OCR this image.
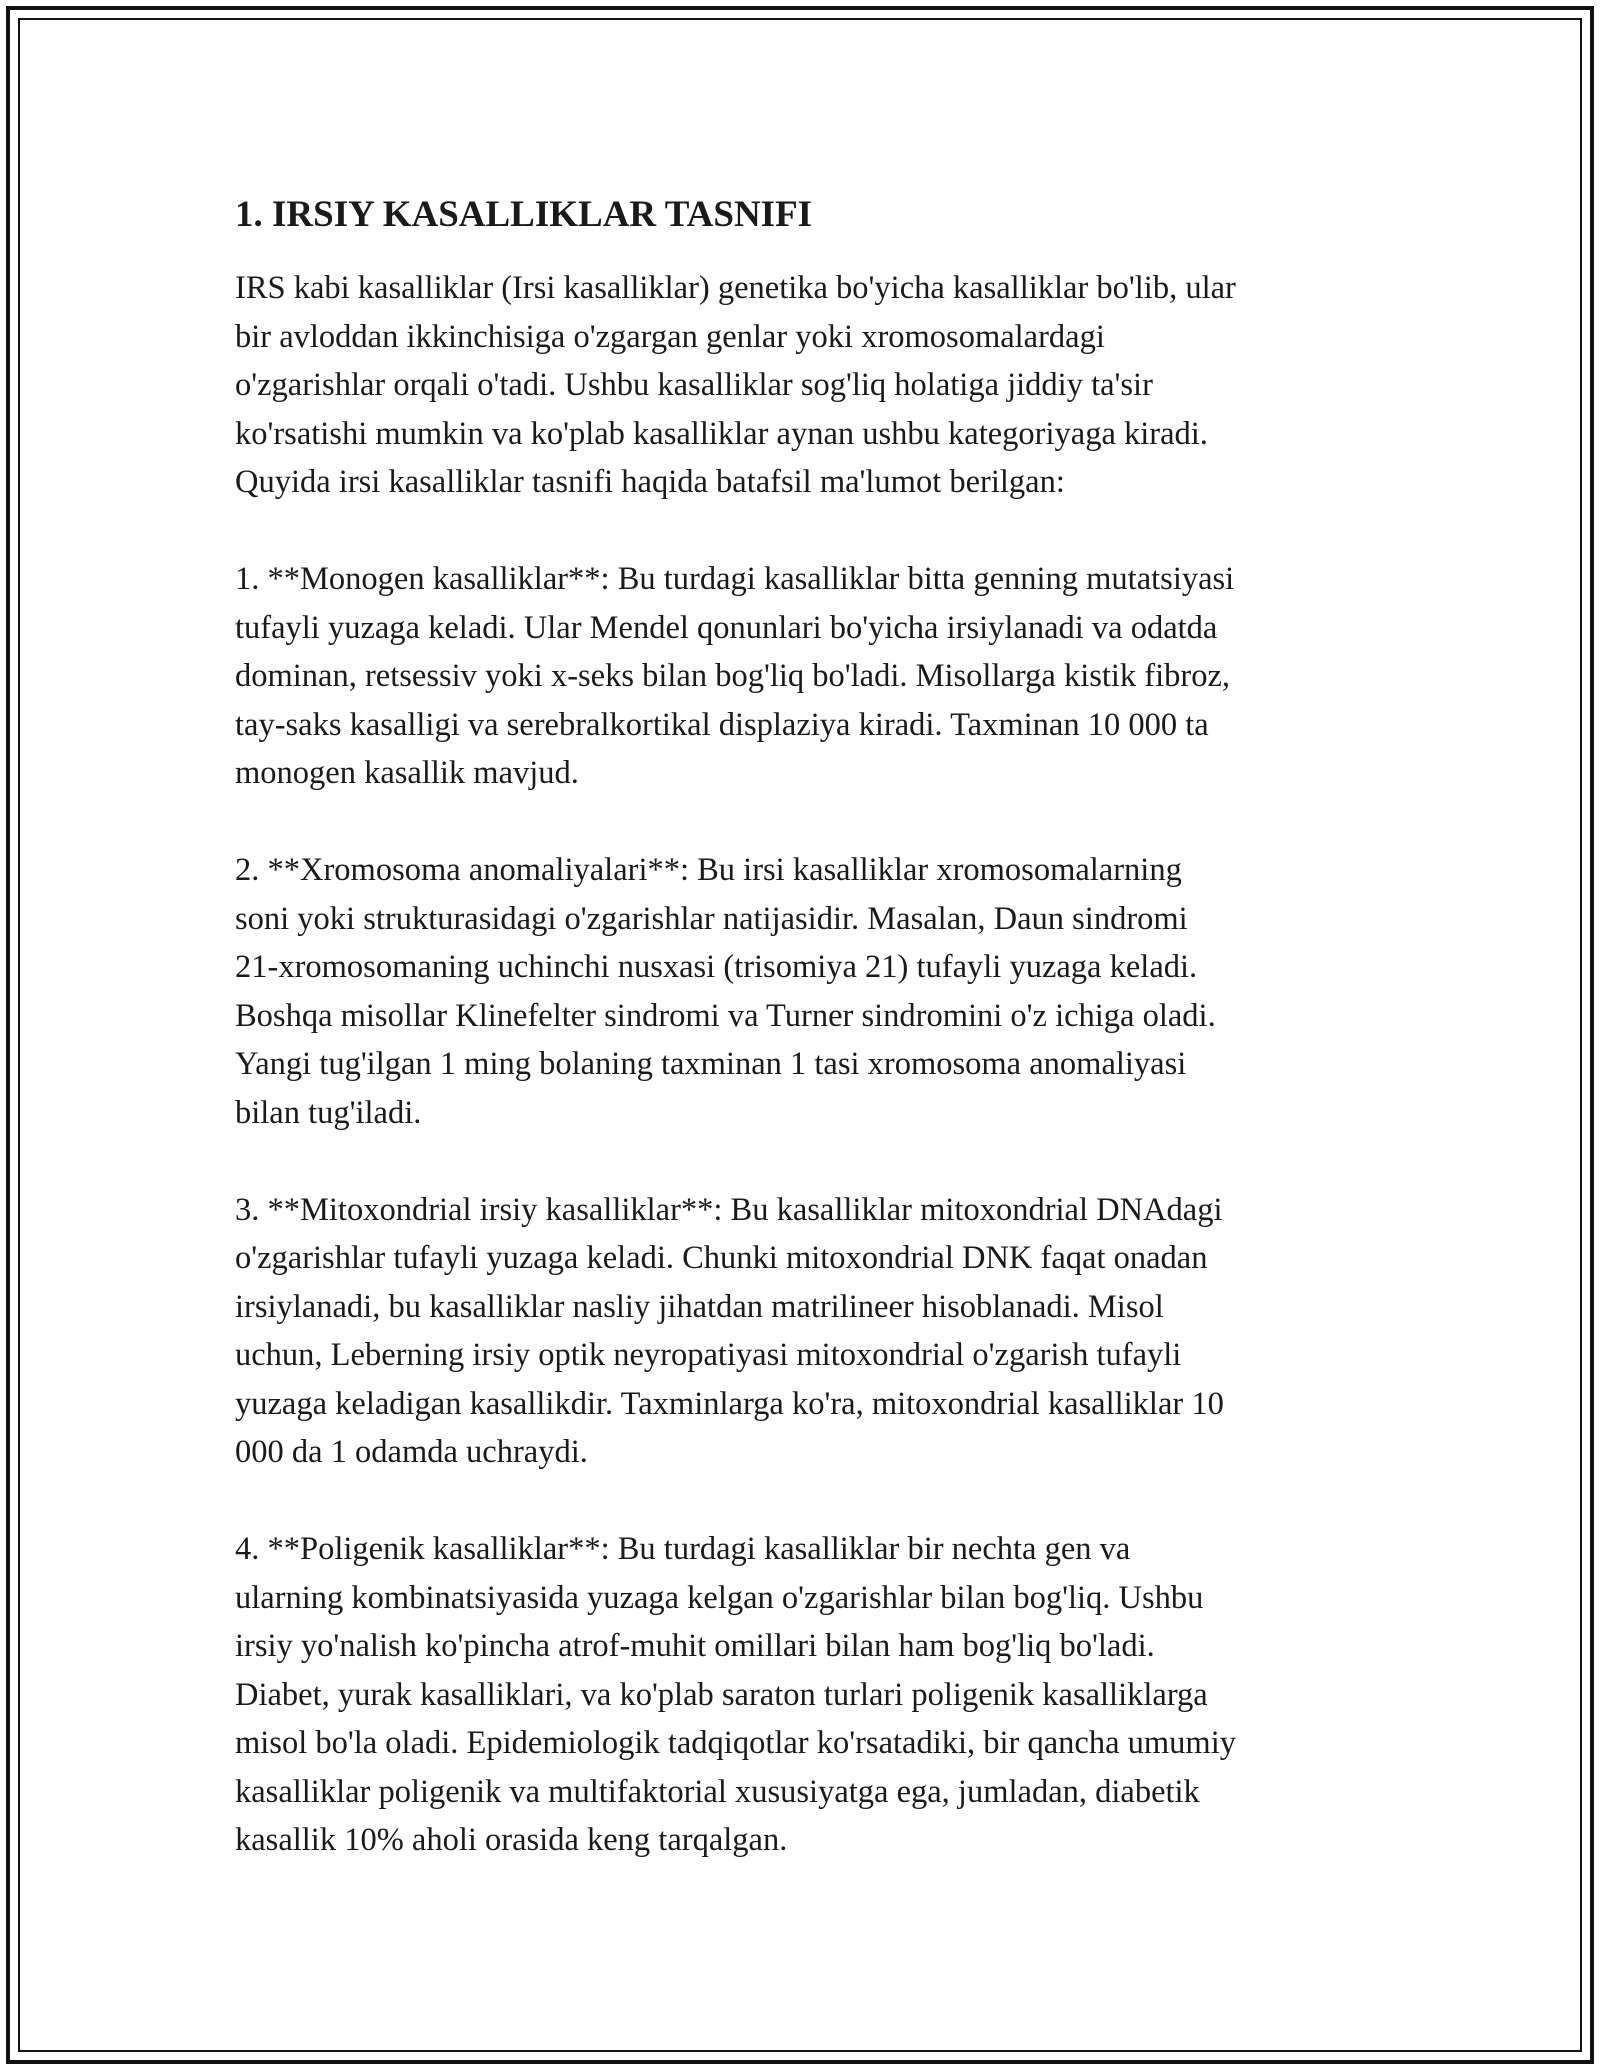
1. IRSIY KASALLIKLAR TASNIFI

IRS kabi kasalliklar (Irsi kasalliklar) genetika bo'yicha kasalliklar bo'lib, ular
bir avloddan ikkinchisiga o'zgargan genlar yoki xromosomalardagi
o'zgarishlar orqali o'tadi. Ushbu kasalliklar sog'liq holatiga jiddiy ta'sir
ko'rsatishi mumkin va ko'plab kasalliklar aynan ushbu kategoriyaga kiradi.
Quyida irsi kasalliklar tasnifi haqida batafsil ma'lumot berilgan:

1. **Monogen kasalliklar**: Bu turdagi kasalliklar bitta genning mutatsiyasi
tufayli yuzaga keladi. Ular Mendel qonunlari bo'yicha irsiylanadi va odatda
dominan, retsessiv yoki x-seks bilan bog'liq bo'ladi. Misollarga kistik fibroz,
tay-saks kasalligi va serebralkortikal displaziya kiradi. Taxminan 10 000 ta
monogen kasallik mavjud.

2. **Xromosoma anomaliyalari**: Bu irsi kasalliklar xromosomalarning
soni yoki strukturasidagi o'zgarishlar natijasidir. Masalan, Daun sindromi
21-xromosomaning uchinchi nusxasi (trisomiya 21) tufayli yuzaga keladi.
Boshqa misollar Klinefelter sindromi va Turner sindromini o'z ichiga oladi.
Yangi tug'ilgan 1 ming bolaning taxminan 1 tasi xromosoma anomaliyasi
bilan tug'iladi.

3. **Mitoxondrial irsiy kasalliklar**: Bu kasalliklar mitoxondrial DNAdagi
o'zgarishlar tufayli yuzaga keladi. Chunki mitoxondrial DNK faqat onadan
irsiylanadi, bu kasalliklar nasliy jihatdan matrilineer hisoblanadi. Misol
uchun, Leberning irsiy optik neyropatiyasi mitoxondrial o'zgarish tufayli
yuzaga keladigan kasallikdir. Taxminlarga ko'ra, mitoxondrial kasalliklar 10
000 da 1 odamda uchraydi.

4. **Poligenik kasalliklar**: Bu turdagi kasalliklar bir nechta gen va
ularning kombinatsiyasida yuzaga kelgan o'zgarishlar bilan bog'liq. Ushbu
irsiy yo'nalish ko'pincha atrof-muhit omillari bilan ham bog'liq bo'ladi.
Diabet, yurak kasalliklari, va ko'plab saraton turlari poligenik kasalliklarga
misol bo'la oladi. Epidemiologik tadqiqotlar ko'rsatadiki, bir qancha umumiy
kasalliklar poligenik va multifaktorial xususiyatga ega, jumladan, diabetik
kasallik 10% aholi orasida keng tarqalgan.
